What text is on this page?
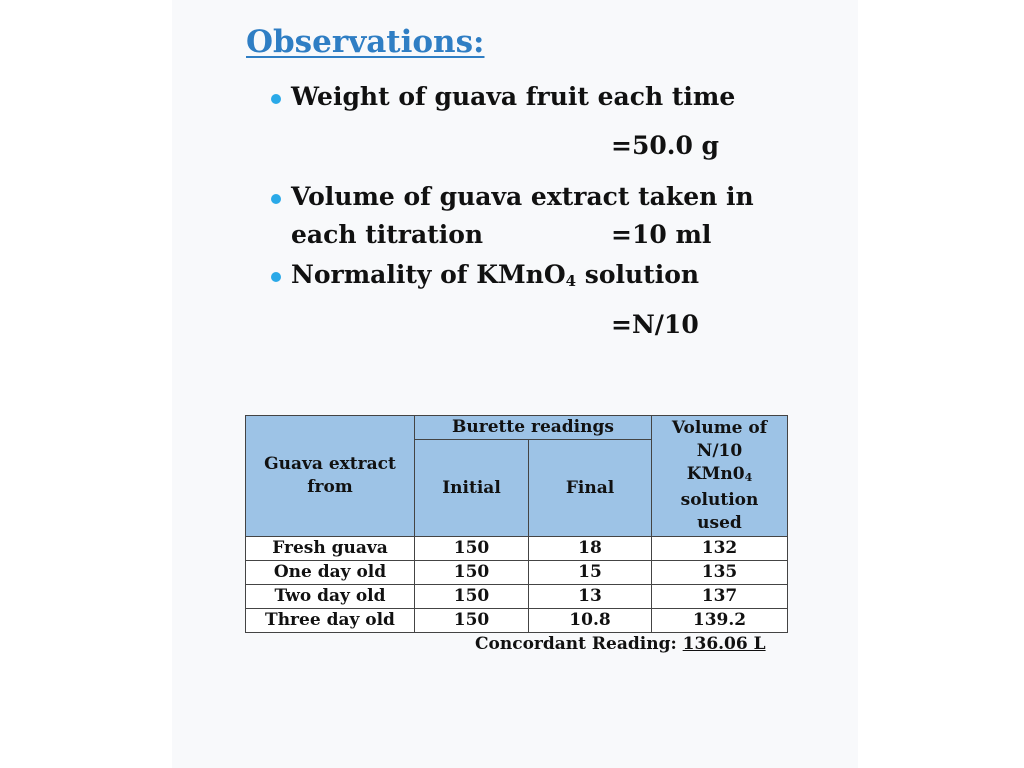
Observations:
Weight of guava fruit each time
=50.0 g
Volume of guava extract taken in
each titration	=10 ml
Normality of KMnO$_4$ solution
=N/10
Guava extract from	Burette readings		Volume of N/10 $KMn0_4$ solution used

	Initial	Final	
Fresh guava	150	18	132
One day old	150	15	135
Two day old	150	13	137
Three day old	150	10.8	139.2
Concordant Reading: 136.06 L
